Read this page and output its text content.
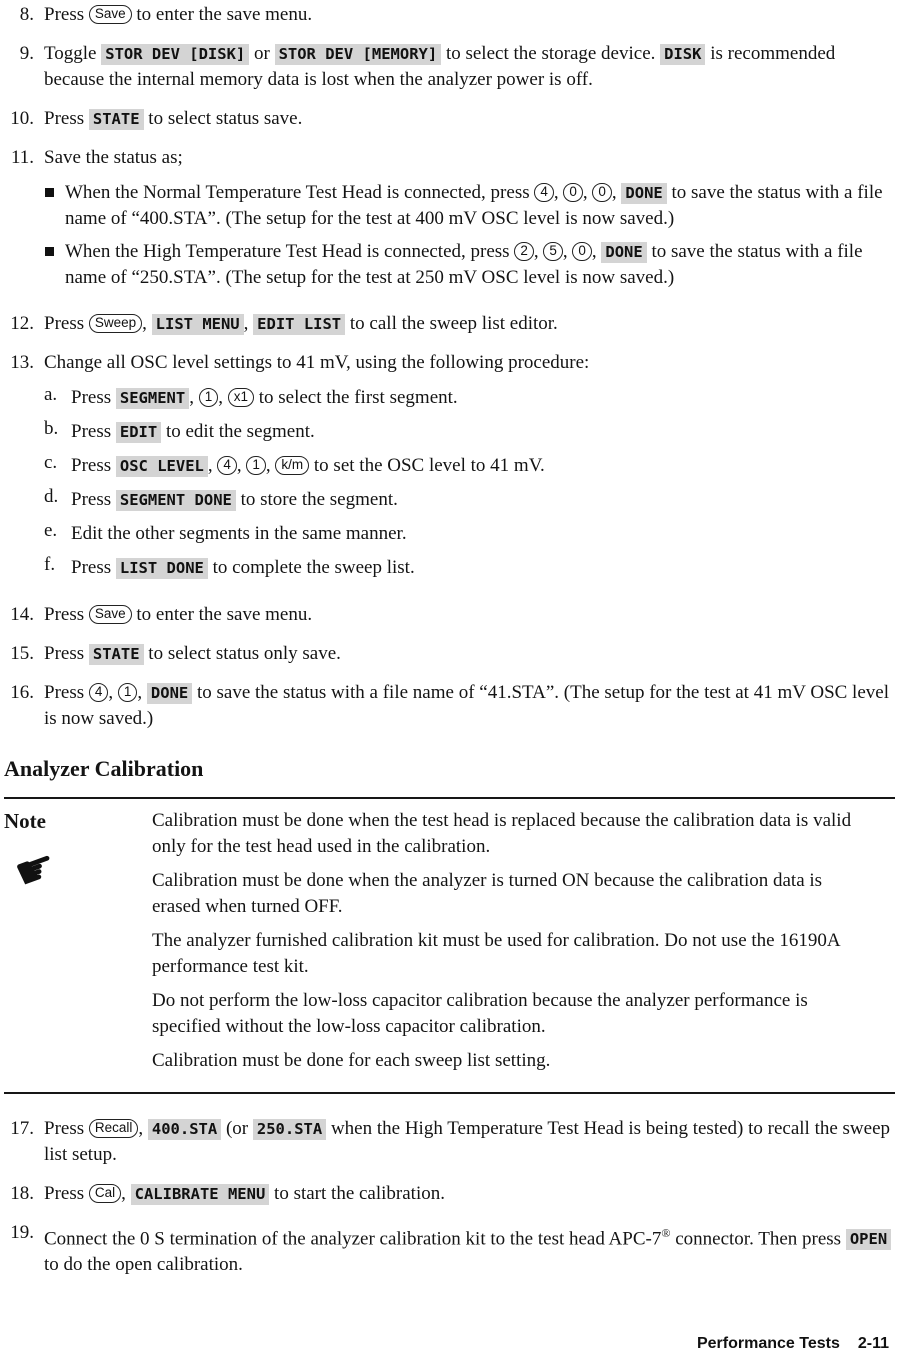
8. Press Save to enter the save menu.
9. Toggle STOR DEV [DISK] or STOR DEV [MEMORY] to select the storage device. DISK is recommended because the internal memory data is lost when the analyzer power is off.
10. Press STATE to select status save.
11. Save the status as;
When the Normal Temperature Test Head is connected, press 4 , 0 , 0 , DONE to save the status with a file name of “400.STA”. (The setup for the test at 400 mV OSC level is now saved.)
When the High Temperature Test Head is connected, press 2 , 5 , 0 , DONE to save the status with a file name of “250.STA”. (The setup for the test at 250 mV OSC level is now saved.)
12. Press Sweep , LIST MENU , EDIT LIST to call the sweep list editor.
13. Change all OSC level settings to 41 mV, using the following procedure:
a. Press SEGMENT , 1 , x1 to select the first segment.
b. Press EDIT to edit the segment.
c. Press OSC LEVEL , 4 , 1 , k/m to set the OSC level to 41 mV.
d. Press SEGMENT DONE to store the segment.
e. Edit the other segments in the same manner.
f. Press LIST DONE to complete the sweep list.
14. Press Save to enter the save menu.
15. Press STATE to select status only save.
16. Press 4 , 1 , DONE to save the status with a file name of “41.STA”. (The setup for the test at 41 mV OSC level is now saved.)
Analyzer Calibration
Note
☛
Calibration must be done when the test head is replaced because the calibration data is valid only for the test head used in the calibration.
Calibration must be done when the analyzer is turned ON because the calibration data is erased when turned OFF.
The analyzer furnished calibration kit must be used for calibration. Do not use the 16190A performance test kit.
Do not perform the low-loss capacitor calibration because the analyzer performance is specified without the low-loss capacitor calibration.
Calibration must be done for each sweep list setting.
17. Press Recall , 400.STA (or 250.STA when the High Temperature Test Head is being tested) to recall the sweep list setup.
18. Press Cal , CALIBRATE MENU to start the calibration.
19. Connect the 0 S termination of the analyzer calibration kit to the test head APC-7® connector. Then press OPEN to do the open calibration.
Performance Tests 2-11
